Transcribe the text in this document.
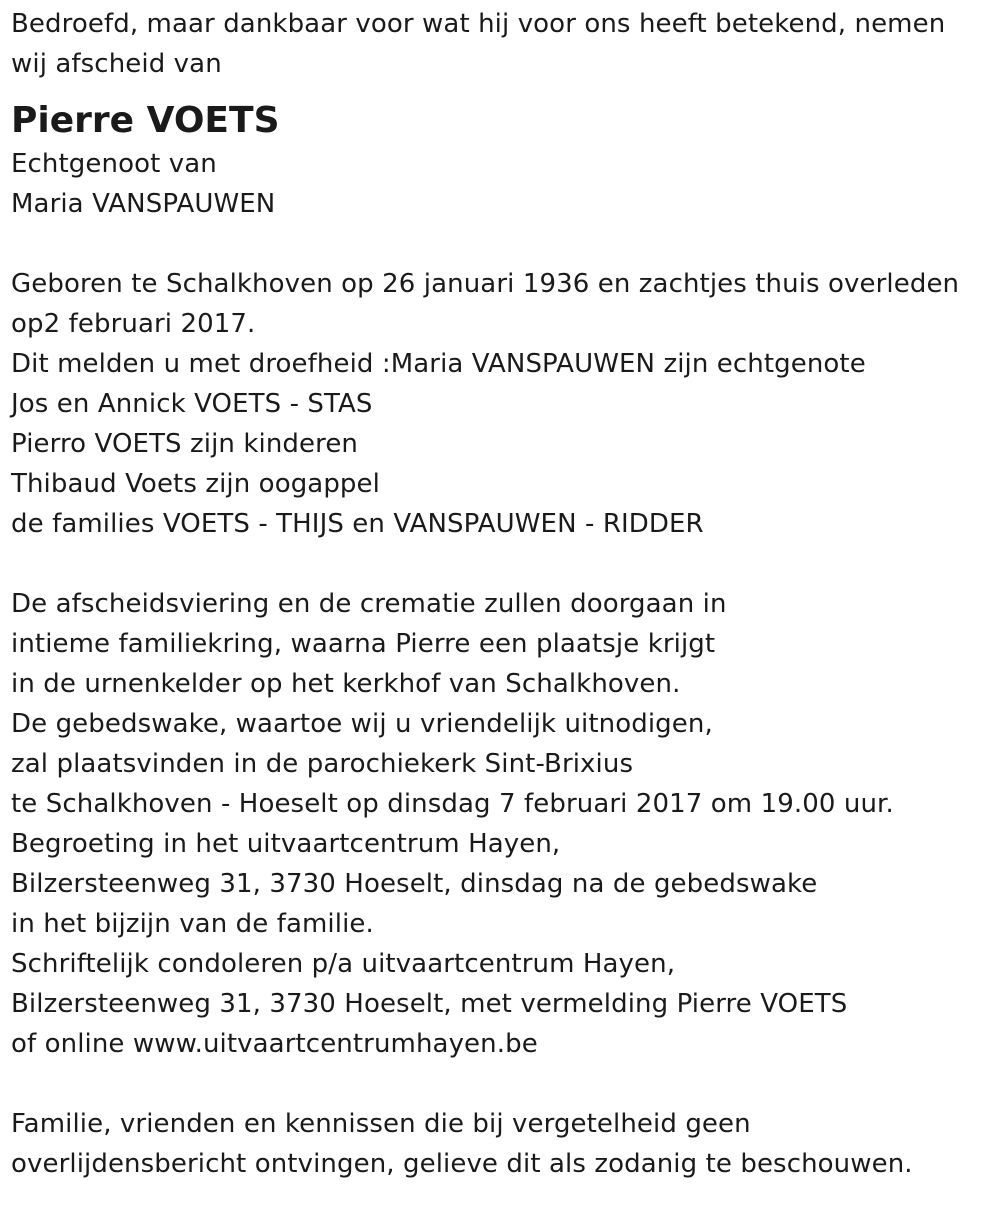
Bedroefd, maar dankbaar voor wat hij voor ons heeft betekend, nemen
wij afscheid van
Pierre VOETS
Echtgenoot van
Maria VANSPAUWEN
Geboren te Schalkhoven op 26 januari 1936 en zachtjes thuis overleden
op2 februari 2017.
Dit melden u met droefheid :Maria VANSPAUWEN zijn echtgenote
Jos en Annick VOETS - STAS
Pierro VOETS zijn kinderen
Thibaud Voets zijn oogappel
de families VOETS - THIJS en VANSPAUWEN - RIDDER
De afscheidsviering en de crematie zullen doorgaan in
intieme familiekring, waarna Pierre een plaatsje krijgt
in de urnenkelder op het kerkhof van Schalkhoven.
De gebedswake, waartoe wij u vriendelijk uitnodigen,
zal plaatsvinden in de parochiekerk Sint-Brixius
te Schalkhoven - Hoeselt op dinsdag 7 februari 2017 om 19.00 uur.
Begroeting in het uitvaartcentrum Hayen,
Bilzersteenweg 31, 3730 Hoeselt, dinsdag na de gebedswake
in het bijzijn van de familie.
Schriftelijk condoleren p/a uitvaartcentrum Hayen,
Bilzersteenweg 31, 3730 Hoeselt, met vermelding Pierre VOETS
of online www.uitvaartcentrumhayen.be
Familie, vrienden en kennissen die bij vergetelheid geen
overlijdensbericht ontvingen, gelieve dit als zodanig te beschouwen.
